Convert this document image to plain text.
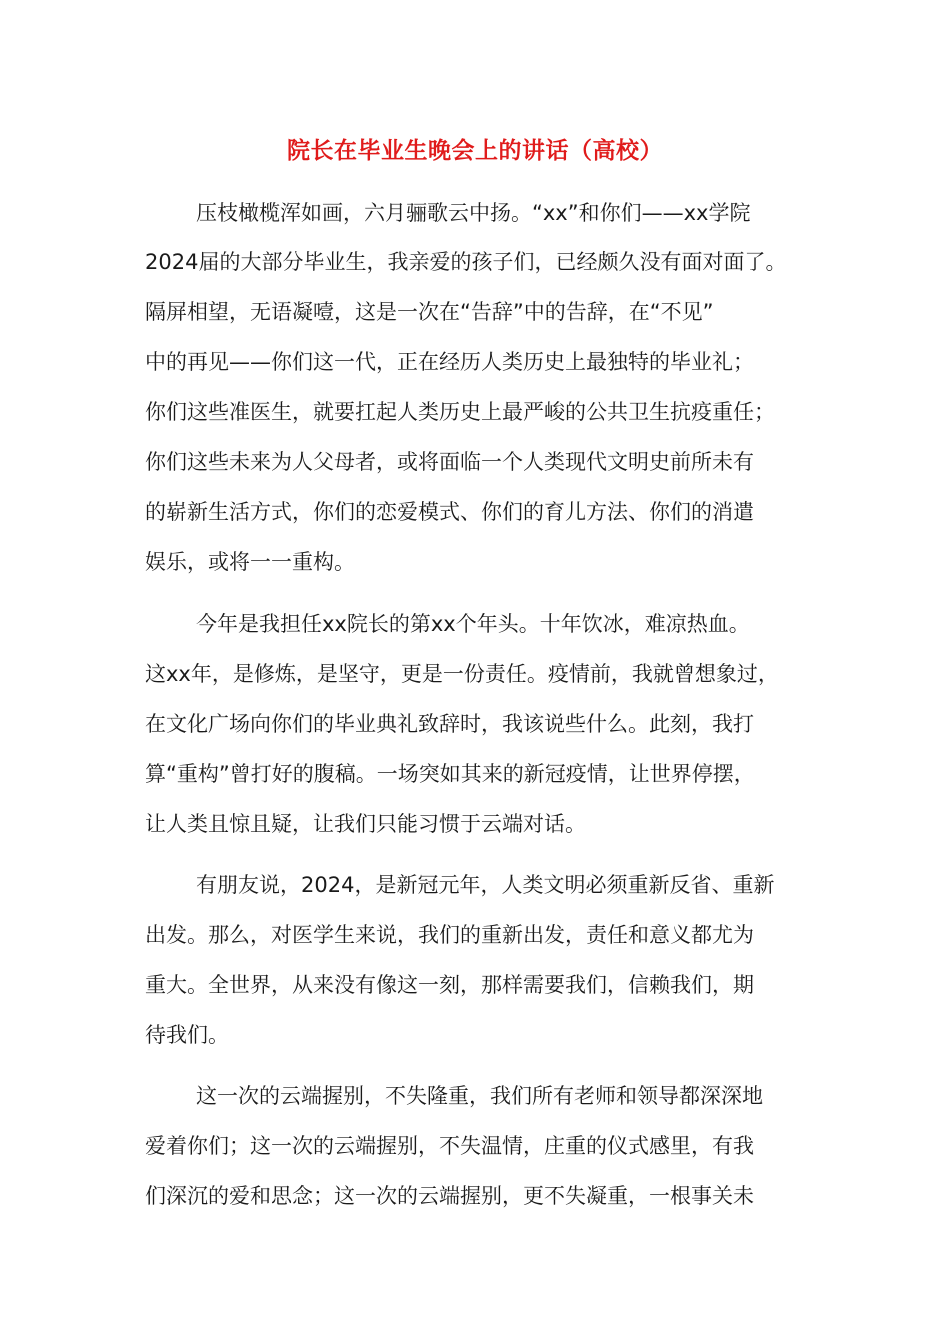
院长在毕业生晚会上的讲话（高校）
压枝橄榄浑如画，六月骊歌云中扬。“xx”和你们——xx学院
2024届的大部分毕业生，我亲爱的孩子们，已经颇久没有面对面了。
隔屏相望，无语凝噎，这是一次在“告辞”中的告辞，在“不见”
中的再见——你们这一代，正在经历人类历史上最独特的毕业礼；
你们这些准医生，就要扛起人类历史上最严峻的公共卫生抗疫重任；
你们这些未来为人父母者，或将面临一个人类现代文明史前所未有
的崭新生活方式，你们的恋爱模式、你们的育儿方法、你们的消遣
娱乐，或将一一重构。
今年是我担任xx院长的第xx个年头。十年饮冰，难凉热血。
这xx年，是修炼，是坚守，更是一份责任。疫情前，我就曾想象过，
在文化广场向你们的毕业典礼致辞时，我该说些什么。此刻，我打
算“重构”曾打好的腹稿。一场突如其来的新冠疫情，让世界停摆，
让人类且惊且疑，让我们只能习惯于云端对话。
有朋友说，2024，是新冠元年，人类文明必须重新反省、重新
出发。那么，对医学生来说，我们的重新出发，责任和意义都尤为
重大。全世界，从来没有像这一刻，那样需要我们，信赖我们，期
待我们。
这一次的云端握别，不失隆重，我们所有老师和领导都深深地
爱着你们；这一次的云端握别，不失温情，庄重的仪式感里，有我
们深沉的爱和思念；这一次的云端握别，更不失凝重，一根事关未
